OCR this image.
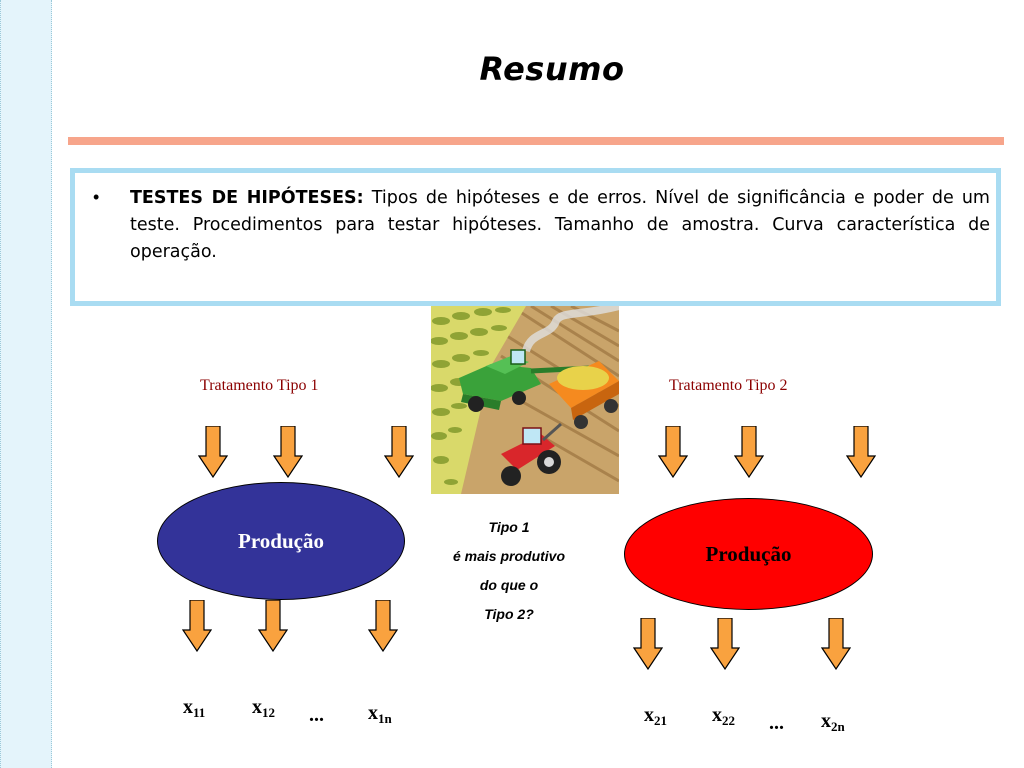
Resumo
• TESTES DE HIPÓTESES: Tipos de hipóteses e de erros. Nível de significância e poder de um teste. Procedimentos para testar hipóteses. Tamanho de amostra. Curva característica de operação.
Tratamento Tipo 1	Tratamento Tipo 2
Produção
Produção
Tipo 1
é mais produtivo
do que o
Tipo 2?
$x_{11}$ $x_{12}$ ... $x_{1n}$	$x_{21}$ $x_{22}$ ... $x_{2n}$
